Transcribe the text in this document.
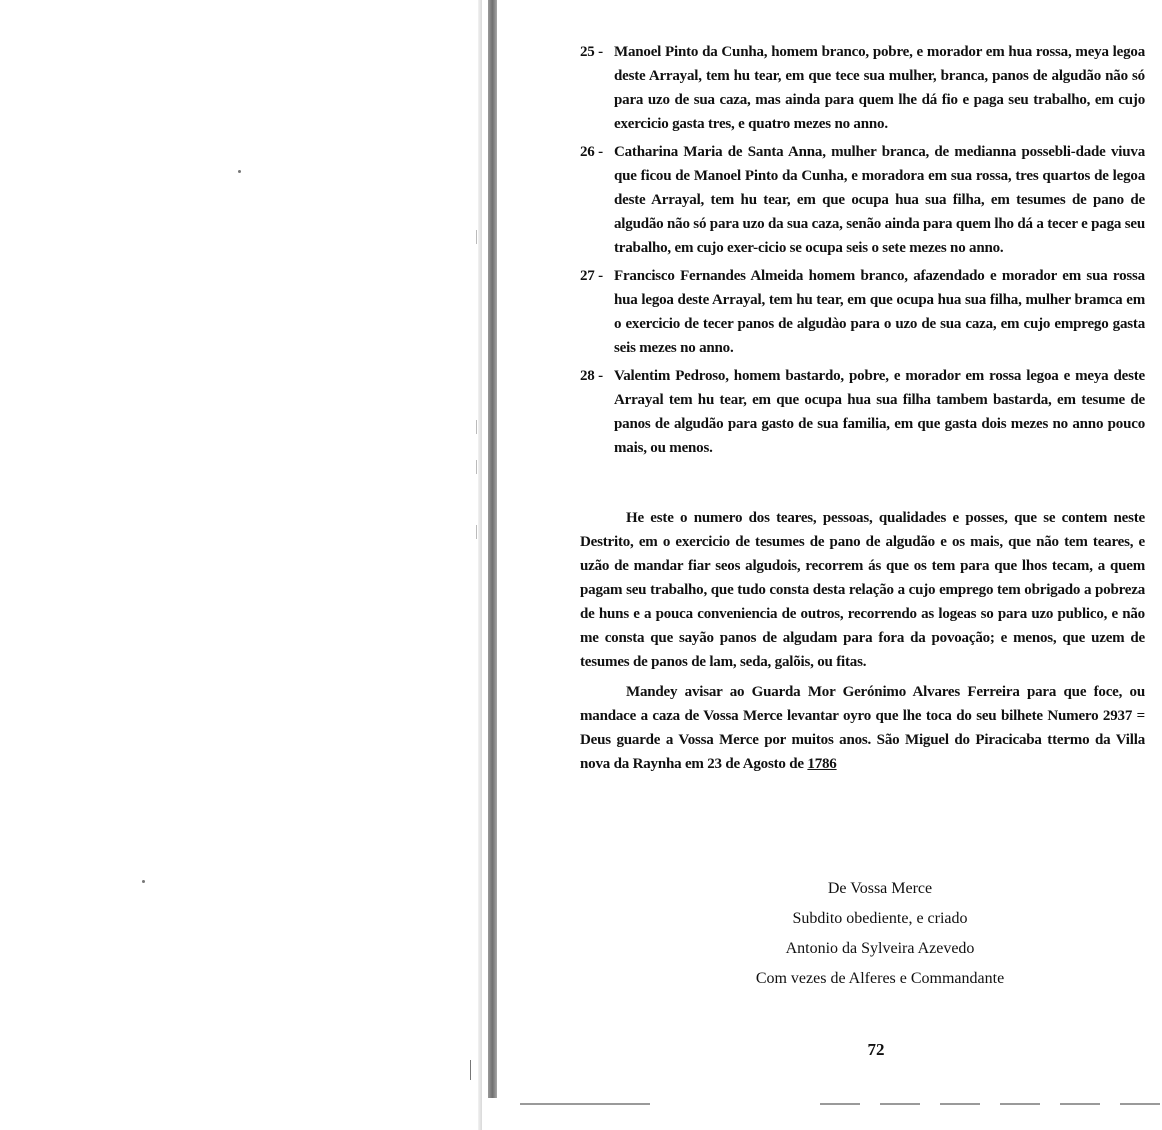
25 - Manoel Pinto da Cunha, homem branco, pobre, e morador em hua rossa, meya legoa deste Arrayal, tem hu tear, em que tece sua mulher, branca, panos de algudão não só para uzo de sua caza, mas ainda para quem lhe dá fio e paga seu trabalho, em cujo exercicio gasta tres, e quatro mezes no anno.
26 - Catharina Maria de Santa Anna, mulher branca, de medianna possebli-dade viuva que ficou de Manoel Pinto da Cunha, e moradora em sua rossa, tres quartos de legoa deste Arrayal, tem hu tear, em que ocupa hua sua filha, em tesumes de pano de algudão não só para uzo da sua caza, senão ainda para quem lho dá a tecer e paga seu trabalho, em cujo exer-cicio se ocupa seis o sete mezes no anno.
27 - Francisco Fernandes Almeida homem branco, afazendado e morador em sua rossa hua legoa deste Arrayal, tem hu tear, em que ocupa hua sua filha, mulher bramca em o exercicio de tecer panos de algudào para o uzo de sua caza, em cujo emprego gasta seis mezes no anno.
28 - Valentim Pedroso, homem bastardo, pobre, e morador em rossa legoa e meya deste Arrayal tem hu tear, em que ocupa hua sua filha tambem bastarda, em tesume de panos de algudão para gasto de sua familia, em que gasta dois mezes no anno pouco mais, ou menos.

He este o numero dos teares, pessoas, qualidades e posses, que se contem neste Destrito, em o exercicio de tesumes de pano de algudão e os mais, que não tem teares, e uzão de mandar fiar seos algudois, recorrem ás que os tem para que lhos tecam, a quem pagam seu trabalho, que tudo consta desta relação a cujo emprego tem obrigado a pobreza de huns e a pouca conveniencia de outros, recorrendo as logeas so para uzo publico, e não me consta que sayão panos de algudam para fora da povoação; e menos, que uzem de tesumes de panos de lam, seda, galõis, ou fitas.

Mandey avisar ao Guarda Mor Gerónimo Alvares Ferreira para que foce, ou mandace a caza de Vossa Merce levantar oyro que lhe toca do seu bilhete Numero 2937 = Deus guarde a Vossa Merce por muitos anos. São Miguel do Piracicaba ttermo da Villa nova da Raynha em 23 de Agosto de 1786

De Vossa Merce
Subdito obediente, e criado
Antonio da Sylveira Azevedo
Com vezes de Alferes e Commandante
72
